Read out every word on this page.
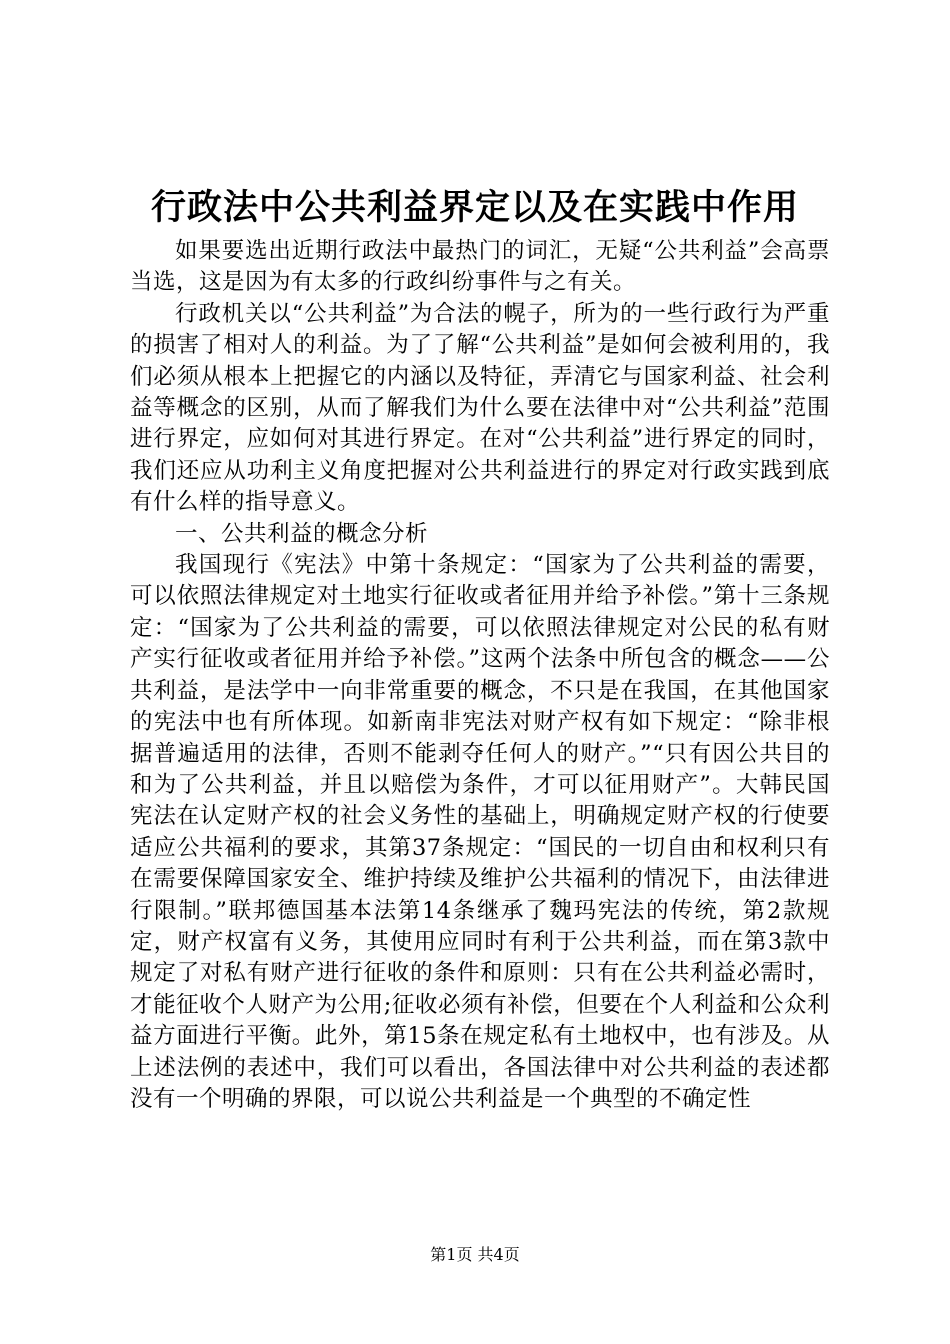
行政法中公共利益界定以及在实践中作用

如果要选出近期行政法中最热门的词汇，无疑“公共利益”会高票当选，这是因为有太多的行政纠纷事件与之有关。

行政机关以“公共利益”为合法的幌子，所为的一些行政行为严重的损害了相对人的利益。为了了解“公共利益”是如何会被利用的，我们必须从根本上把握它的内涵以及特征，弄清它与国家利益、社会利益等概念的区别，从而了解我们为什么要在法律中对“公共利益”范围进行界定，应如何对其进行界定。在对“公共利益”进行界定的同时，我们还应从功利主义角度把握对公共利益进行的界定对行政实践到底有什么样的指导意义。

一、公共利益的概念分析

我国现行《宪法》中第十条规定：“国家为了公共利益的需要，可以依照法律规定对土地实行征收或者征用并给予补偿。”第十三条规定：“国家为了公共利益的需要，可以依照法律规定对公民的私有财产实行征收或者征用并给予补偿。”这两个法条中所包含的概念——公共利益，是法学中一向非常重要的概念，不只是在我国，在其他国家的宪法中也有所体现。如新南非宪法对财产权有如下规定：“除非根据普遍适用的法律，否则不能剥夺任何人的财产。”“只有因公共目的和为了公共利益，并且以赔偿为条件，才可以征用财产”。大韩民国宪法在认定财产权的社会义务性的基础上，明确规定财产权的行使要适应公共福利的要求，其第37条规定：“国民的一切自由和权利只有在需要保障国家安全、维护持续及维护公共福利的情况下，由法律进行限制。”联邦德国基本法第14条继承了魏玛宪法的传统，第2款规定，财产权富有义务，其使用应同时有利于公共利益，而在第3款中规定了对私有财产进行征收的条件和原则：只有在公共利益必需时，才能征收个人财产为公用;征收必须有补偿，但要在个人利益和公众利益方面进行平衡。此外，第15条在规定私有土地权中，也有涉及。从上述法例的表述中，我们可以看出，各国法律中对公共利益的表述都没有一个明确的界限，可以说公共利益是一个典型的不确定性

第1页 共4页
